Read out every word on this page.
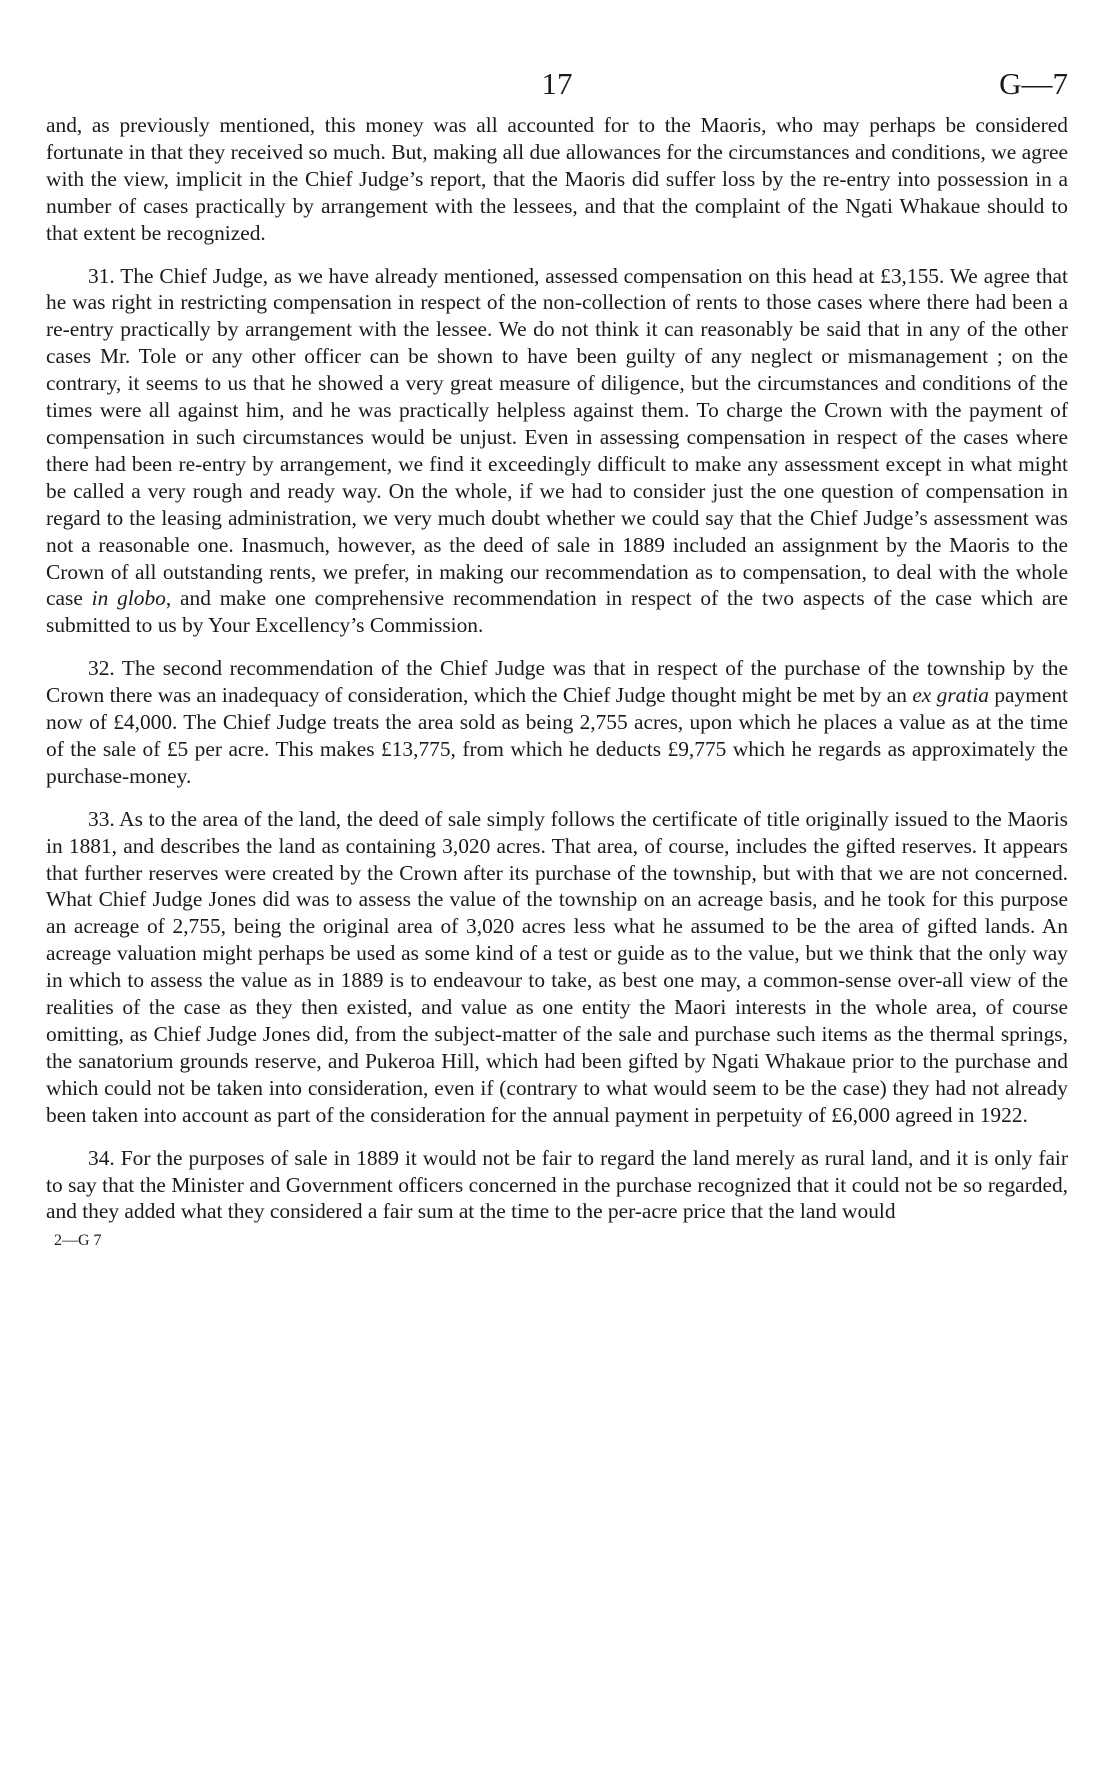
17	G—7

and, as previously mentioned, this money was all accounted for to the Maoris, who may perhaps be considered fortunate in that they received so much. But, making all due allowances for the circumstances and conditions, we agree with the view, implicit in the Chief Judge’s report, that the Maoris did suffer loss by the re-entry into possession in a number of cases practically by arrangement with the lessees, and that the complaint of the Ngati Whakaue should to that extent be recognized.

31. The Chief Judge, as we have already mentioned, assessed compensation on this head at £3,155. We agree that he was right in restricting compensation in respect of the non-collection of rents to those cases where there had been a re-entry practically by arrangement with the lessee. We do not think it can reasonably be said that in any of the other cases Mr. Tole or any other officer can be shown to have been guilty of any neglect or mismanagement ; on the contrary, it seems to us that he showed a very great measure of diligence, but the circumstances and conditions of the times were all against him, and he was practically helpless against them. To charge the Crown with the payment of compensation in such circumstances would be unjust. Even in assessing compensation in respect of the cases where there had been re-entry by arrangement, we find it exceedingly difficult to make any assessment except in what might be called a very rough and ready way. On the whole, if we had to consider just the one question of compensation in regard to the leasing administration, we very much doubt whether we could say that the Chief Judge’s assessment was not a reasonable one. Inasmuch, however, as the deed of sale in 1889 included an assignment by the Maoris to the Crown of all outstanding rents, we prefer, in making our recommendation as to compensation, to deal with the whole case in globo, and make one comprehensive recommendation in respect of the two aspects of the case which are submitted to us by Your Excellency’s Commission.

32. The second recommendation of the Chief Judge was that in respect of the purchase of the township by the Crown there was an inadequacy of consideration, which the Chief Judge thought might be met by an ex gratia payment now of £4,000. The Chief Judge treats the area sold as being 2,755 acres, upon which he places a value as at the time of the sale of £5 per acre. This makes £13,775, from which he deducts £9,775 which he regards as approximately the purchase-money.

33. As to the area of the land, the deed of sale simply follows the certificate of title originally issued to the Maoris in 1881, and describes the land as containing 3,020 acres. That area, of course, includes the gifted reserves. It appears that further reserves were created by the Crown after its purchase of the township, but with that we are not concerned. What Chief Judge Jones did was to assess the value of the township on an acreage basis, and he took for this purpose an acreage of 2,755, being the original area of 3,020 acres less what he assumed to be the area of gifted lands. An acreage valuation might perhaps be used as some kind of a test or guide as to the value, but we think that the only way in which to assess the value as in 1889 is to endeavour to take, as best one may, a common-sense over-all view of the realities of the case as they then existed, and value as one entity the Maori interests in the whole area, of course omitting, as Chief Judge Jones did, from the subject-matter of the sale and purchase such items as the thermal springs, the sanatorium grounds reserve, and Pukeroa Hill, which had been gifted by Ngati Whakaue prior to the purchase and which could not be taken into consideration, even if (contrary to what would seem to be the case) they had not already been taken into account as part of the consideration for the annual payment in perpetuity of £6,000 agreed in 1922.

34. For the purposes of sale in 1889 it would not be fair to regard the land merely as rural land, and it is only fair to say that the Minister and Government officers concerned in the purchase recognized that it could not be so regarded, and they added what they considered a fair sum at the time to the per-acre price that the land would

2—G 7
